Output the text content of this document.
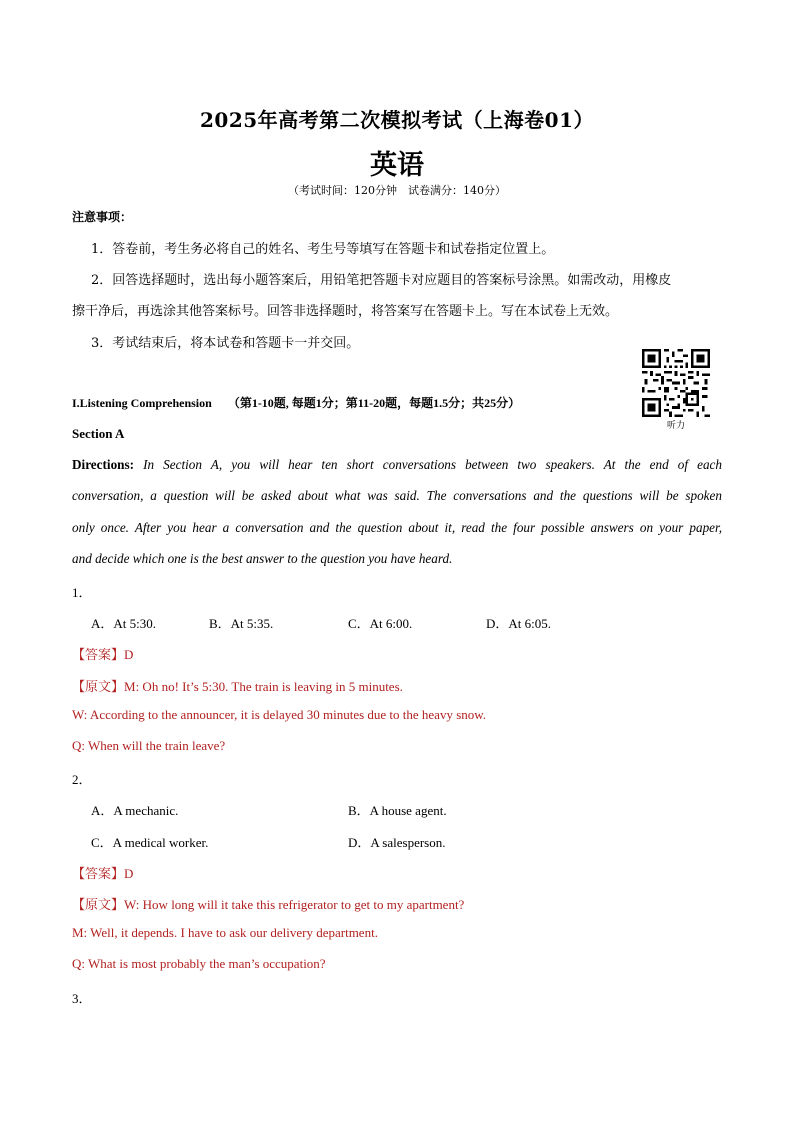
2025年高考第二次模拟考试（上海卷01）
英语
（考试时间：120分钟　试卷满分：140分）
注意事项：
1．答卷前，考生务必将自己的姓名、考生号等填写在答题卡和试卷指定位置上。
2．回答选择题时，选出每小题答案后，用铅笔把答题卡对应题目的答案标号涂黑。如需改动，用橡皮
擦干净后，再选涂其他答案标号。回答非选择题时，将答案写在答题卡上。写在本试卷上无效。
3．考试结束后，将本试卷和答题卡一并交回。
听力
I.Listening Comprehension （第1-10题, 每题1分；第11-20题，每题1.5分；共25分）
Section A
Directions: In Section A, you will hear ten short conversations between two speakers. At the end of each
conversation, a question will be asked about what was said. The conversations and the questions will be spoken
only once. After you hear a conversation and the question about it, read the four possible answers on your paper,
and decide which one is the best answer to the question you have heard.
1．
A．At 5:30.	B．At 5:35.	C．At 6:00.	D．At 6:05.
【答案】D
【原文】M: Oh no! It’s 5:30. The train is leaving in 5 minutes.
W: According to the announcer, it is delayed 30 minutes due to the heavy snow.
Q: When will the train leave?
2．
A．A mechanic.	B．A house agent.
C．A medical worker.	D．A salesperson.
【答案】D
【原文】W: How long will it take this refrigerator to get to my apartment?
M: Well, it depends. I have to ask our delivery department.
Q: What is most probably the man’s occupation?
3．
